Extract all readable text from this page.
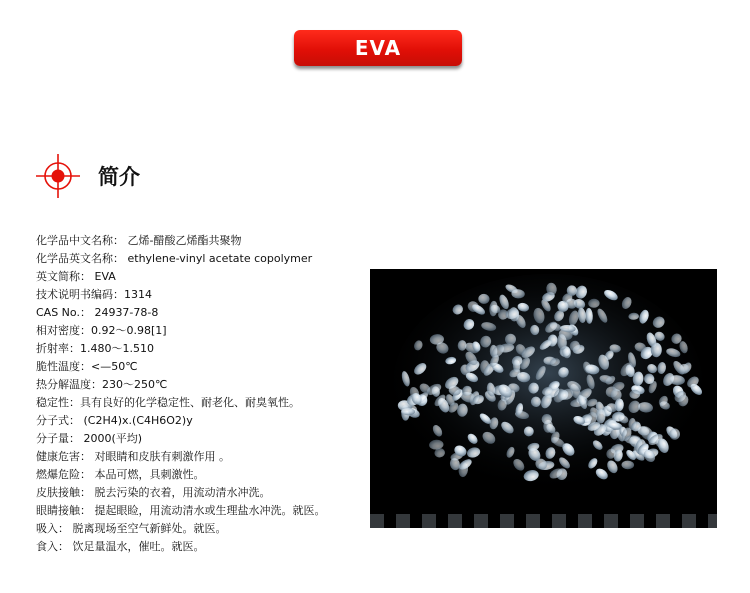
EVA
简介
化学品中文名称： 乙烯-醋酸乙烯酯共聚物
化学品英文名称： ethylene-vinyl acetate copolymer
英文简称： EVA
技术说明书编码：1314
CAS No.： 24937-78-8
相对密度：0.92～0.98[1]
折射率：1.480～1.510
脆性温度：<—50℃
热分解温度：230～250℃
稳定性：具有良好的化学稳定性、耐老化、耐臭氧性。
分子式： (C2H4)x.(C4H6O2)y
分子量： 2000(平均)
健康危害： 对眼睛和皮肤有刺激作用 。
燃爆危险： 本品可燃，具刺激性。
皮肤接触： 脱去污染的衣着，用流动清水冲洗。
眼睛接触： 提起眼睑，用流动清水或生理盐水冲洗。就医。
吸入： 脱离现场至空气新鲜处。就医。
食入： 饮足量温水，催吐。就医。
